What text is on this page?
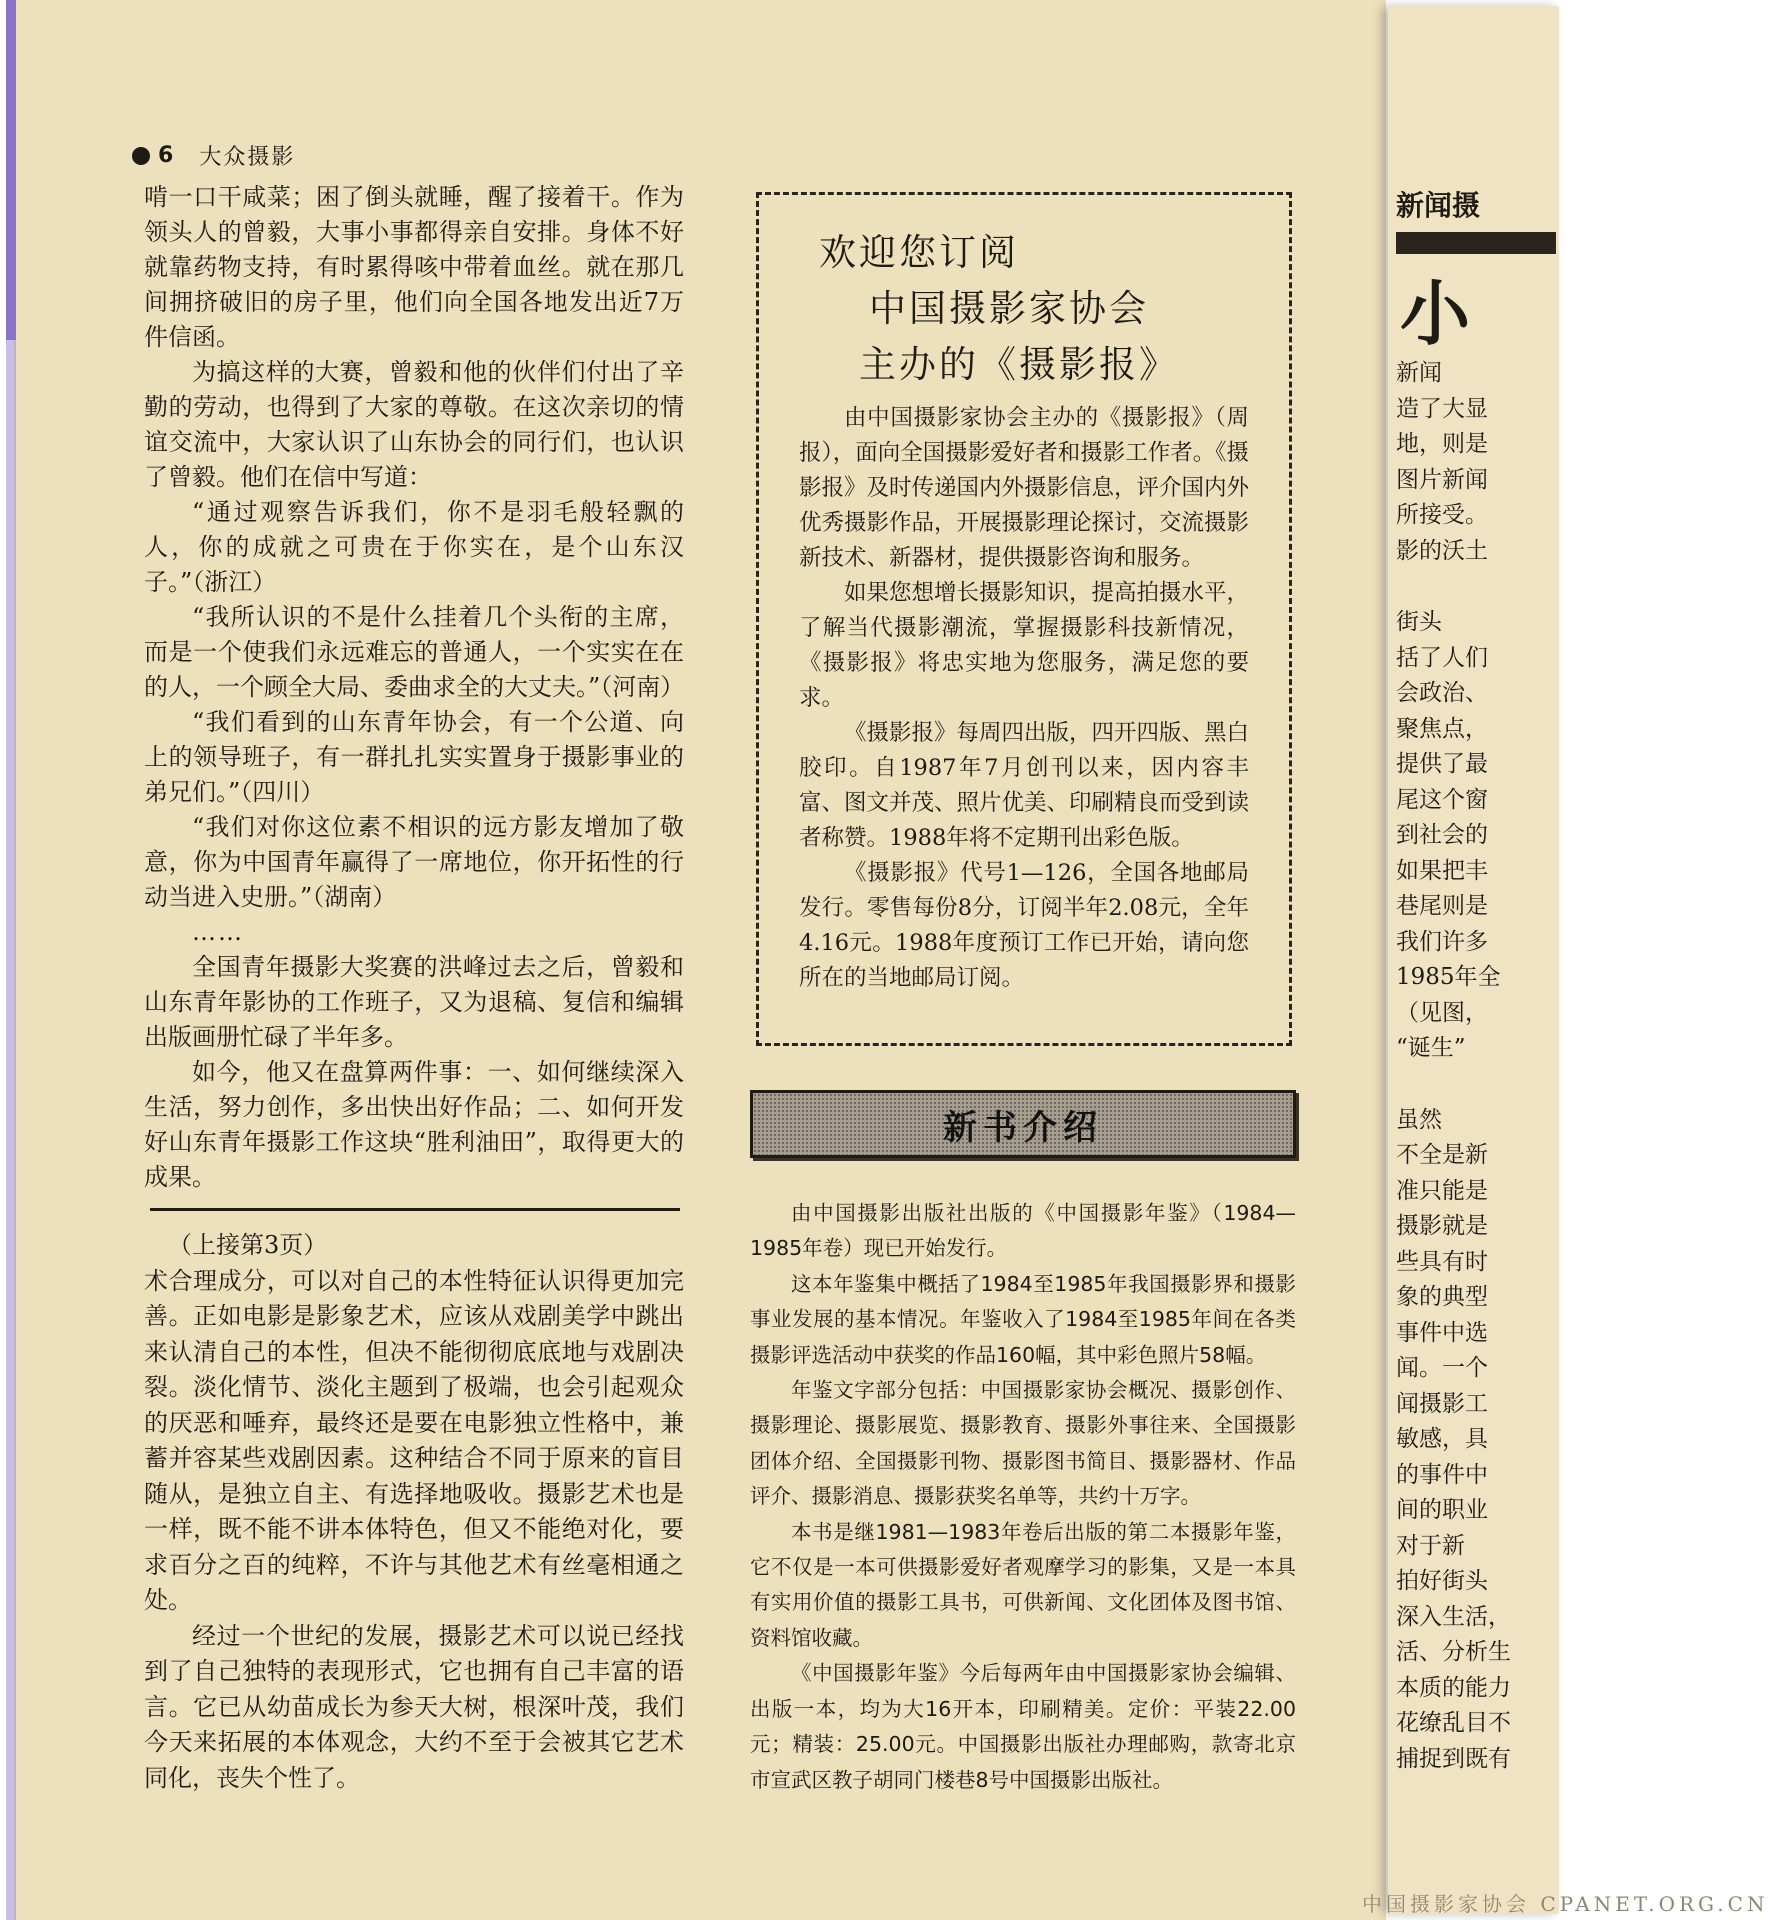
6 大众摄影

啃一口干咸菜；困了倒头就睡，醒了接着干。作为领头人的曾毅，大事小事都得亲自安排。身体不好就靠药物支持，有时累得咳中带着血丝。就在那几间拥挤破旧的房子里，他们向全国各地发出近7万件信函。

为搞这样的大赛，曾毅和他的伙伴们付出了辛勤的劳动，也得到了大家的尊敬。在这次亲切的情谊交流中，大家认识了山东协会的同行们，也认识了曾毅。他们在信中写道：

“通过观察告诉我们，你不是羽毛般轻飘的人，你的成就之可贵在于你实在，是个山东汉子。”（浙江）

“我所认识的不是什么挂着几个头衔的主席，而是一个使我们永远难忘的普通人，一个实实在在的人，一个顾全大局、委曲求全的大丈夫。”（河南）

“我们看到的山东青年协会，有一个公道、向上的领导班子，有一群扎扎实实置身于摄影事业的弟兄们。”（四川）

“我们对你这位素不相识的远方影友增加了敬意，你为中国青年赢得了一席地位，你开拓性的行动当进入史册。”（湖南）

……

全国青年摄影大奖赛的洪峰过去之后，曾毅和山东青年影协的工作班子，又为退稿、复信和编辑出版画册忙碌了半年多。

如今，他又在盘算两件事：一、如何继续深入生活，努力创作，多出快出好作品；二、如何开发好山东青年摄影工作这块“胜利油田”，取得更大的成果。

（上接第3页）

术合理成分，可以对自己的本性特征认识得更加完善。正如电影是影象艺术，应该从戏剧美学中跳出来认清自己的本性，但决不能彻彻底底地与戏剧决裂。淡化情节、淡化主题到了极端，也会引起观众的厌恶和唾弃，最终还是要在电影独立性格中，兼蓄并容某些戏剧因素。这种结合不同于原来的盲目随从，是独立自主、有选择地吸收。摄影艺术也是一样，既不能不讲本体特色，但又不能绝对化，要求百分之百的纯粹，不许与其他艺术有丝毫相通之处。

经过一个世纪的发展，摄影艺术可以说已经找到了自己独特的表现形式，它也拥有自己丰富的语言。它已从幼苗成长为参天大树，根深叶茂，我们今天来拓展的本体观念，大约不至于会被其它艺术同化，丧失个性了。

欢迎您订阅
中国摄影家协会
主办的《摄影报》

由中国摄影家协会主办的《摄影报》（周报），面向全国摄影爱好者和摄影工作者。《摄影报》及时传递国内外摄影信息，评介国内外优秀摄影作品，开展摄影理论探讨，交流摄影新技术、新器材，提供摄影咨询和服务。

如果您想增长摄影知识，提高拍摄水平，了解当代摄影潮流，掌握摄影科技新情况，《摄影报》将忠实地为您服务，满足您的要求。

《摄影报》每周四出版，四开四版、黑白胶印。自1987年7月创刊以来，因内容丰富、图文并茂、照片优美、印刷精良而受到读者称赞。1988年将不定期刊出彩色版。

《摄影报》代号1—126，全国各地邮局发行。零售每份8分，订阅半年2.08元，全年4.16元。1988年度预订工作已开始，请向您所在的当地邮局订阅。

新书介绍

由中国摄影出版社出版的《中国摄影年鉴》（1984—1985年卷）现已开始发行。

这本年鉴集中概括了1984至1985年我国摄影界和摄影事业发展的基本情况。年鉴收入了1984至1985年间在各类摄影评选活动中获奖的作品160幅，其中彩色照片58幅。

年鉴文字部分包括：中国摄影家协会概况、摄影创作、摄影理论、摄影展览、摄影教育、摄影外事往来、全国摄影团体介绍、全国摄影刊物、摄影图书简目、摄影器材、作品评介、摄影消息、摄影获奖名单等，共约十万字。

本书是继1981—1983年卷后出版的第二本摄影年鉴，它不仅是一本可供摄影爱好者观摩学习的影集，又是一本具有实用价值的摄影工具书，可供新闻、文化团体及图书馆、资料馆收藏。

《中国摄影年鉴》今后每两年由中国摄影家协会编辑、出版一本，均为大16开本，印刷精美。定价：平装22.00元；精装：25.00元。中国摄影出版社办理邮购，款寄北京市宣武区教子胡同门楼巷8号中国摄影出版社。

新闻摄
小
新闻
造了大显
地，则是
图片新闻
所接受。
影的沃土
街头
括了人们
会政治、
聚焦点，
提供了最
尾这个窗
到社会的
如果把丰
巷尾则是
我们许多
1985年全
（见图，
“诞生”
虽然
不全是新
准只能是
摄影就是
些具有时
象的典型
事件中选
闻。一个
闻摄影工
敏感，具
的事件中
间的职业
对于新
拍好街头
深入生活，
活、分析生
本质的能力
花缭乱目不
捕捉到既有
中国摄影家协会 CPANET.ORG.CN
